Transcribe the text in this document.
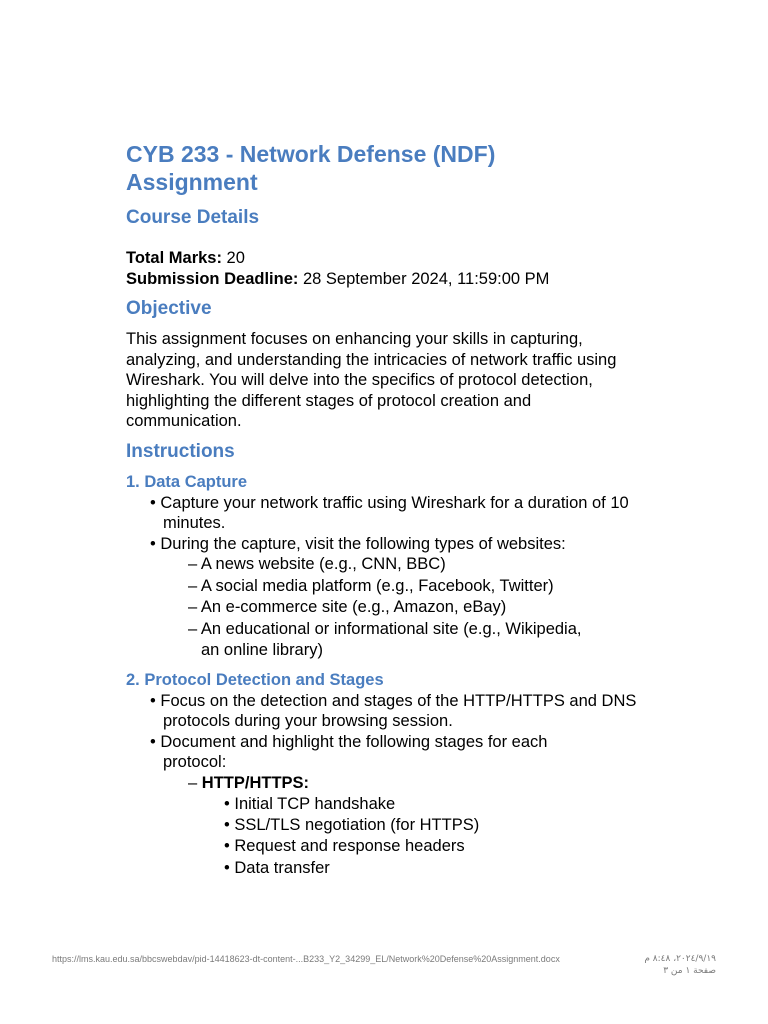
CYB 233 - Network Defense (NDF)
Assignment
Course Details
Total Marks: 20
Submission Deadline: 28 September 2024, 11:59:00 PM
Objective

This assignment focuses on enhancing your skills in capturing, analyzing, and understanding the intricacies of network traffic using Wireshark. You will delve into the specifics of protocol detection, highlighting the different stages of protocol creation and communication.

Instructions
1. Data Capture
• Capture your network traffic using Wireshark for a duration of 10 minutes.
• During the capture, visit the following types of websites:
– A news website (e.g., CNN, BBC)
– A social media platform (e.g., Facebook, Twitter)
– An e-commerce site (e.g., Amazon, eBay)
– An educational or informational site (e.g., Wikipedia, an online library)
2. Protocol Detection and Stages
• Focus on the detection and stages of the HTTP/HTTPS and DNS protocols during your browsing session.
• Document and highlight the following stages for each protocol:
– HTTP/HTTPS:
• Initial TCP handshake
• SSL/TLS negotiation (for HTTPS)
• Request and response headers
• Data transfer
https://lms.kau.edu.sa/bbcswebdav/pid-14418623-dt-content-...B233_Y2_34299_EL/Network%20Defense%20Assignment.docx	٢٠٢٤/٩/١٩، ٨:٤٨ م
صفحة ١ من ٣
